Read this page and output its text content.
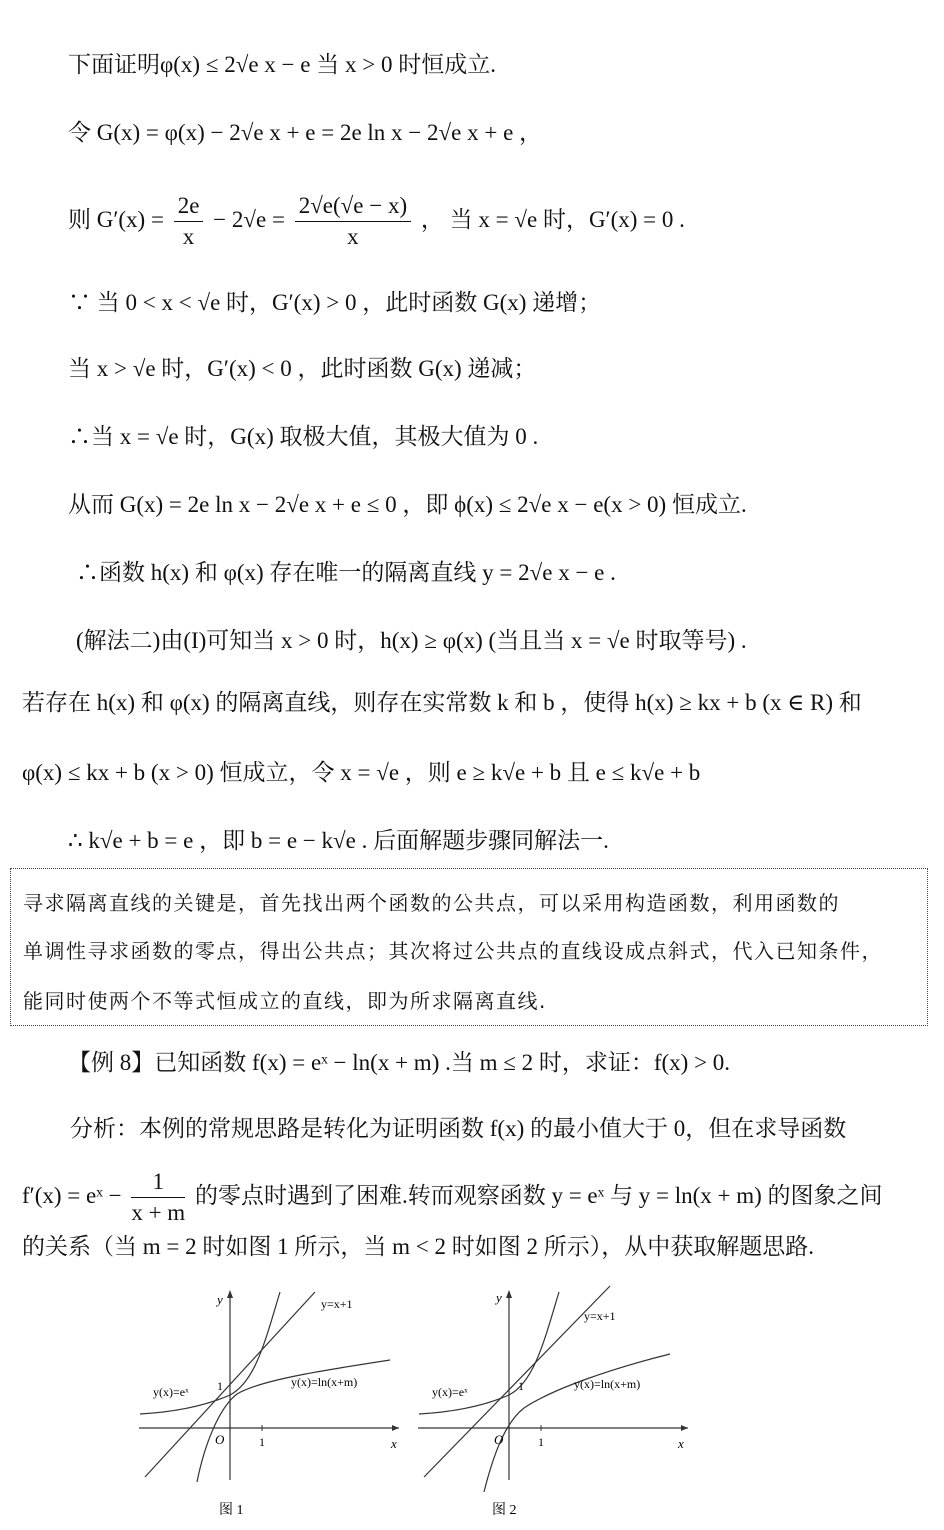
下面证明φ(x) ≤ 2√e x − e 当 x > 0 时恒成立.
令 G(x) = φ(x) − 2√e x + e = 2e ln x − 2√e x + e ，
则 $G'(x) = \frac{2e}{x} - 2√e = \frac{2√e(√e - x)}{x}$ ， 当 x = √e 时，G′(x) = 0 .
∵ 当 0 < x < √e 时，G′(x) > 0 ，此时函数 G(x) 递增；
当 x > √e 时，G′(x) < 0 ，此时函数 G(x) 递减；
∴当 x = √e 时，G(x) 取极大值，其极大值为 0 .
从而 G(x) = 2e ln x − 2√e x + e ≤ 0 ，即 ϕ(x) ≤ 2√e x − e(x > 0) 恒成立.
∴函数 h(x) 和 φ(x) 存在唯一的隔离直线 y = 2√e x − e .
(解法二)由(I)可知当 x > 0 时，h(x) ≥ φ(x) (当且当 x = √e 时取等号) .
若存在 h(x) 和 φ(x) 的隔离直线，则存在实常数 k 和 b ，使得 h(x) ≥ kx + b (x ∈ R) 和
φ(x) ≤ kx + b (x > 0) 恒成立，令 x = √e ，则 e ≥ k√e + b 且 e ≤ k√e + b
∴ k√e + b = e ，即 b = e − k√e . 后面解题步骤同解法一.
寻求隔离直线的关键是，首先找出两个函数的公共点，可以采用构造函数，利用函数的
单调性寻求函数的零点，得出公共点；其次将过公共点的直线设成点斜式，代入已知条件，
能同时使两个不等式恒成立的直线，即为所求隔离直线.
【例 8】已知函数 f(x) = eˣ − ln(x + m) .当 m ≤ 2 时，求证：f(x) > 0.
分析：本例的常规思路是转化为证明函数 f(x) 的最小值大于 0，但在求导函数
f′(x) = eˣ − $\frac{1}{x + m}$ 的零点时遇到了困难.转而观察函数 y = eˣ 与 y = ln(x + m) 的图象之间
的关系（当 m = 2 时如图 1 所示，当 m < 2 时如图 2 所示），从中获取解题思路.
y
x
O	1
1
y=x+1
y(x)=eˣ
y(x)=ln(x+m)
图 1
y
x
O	1
1
y=x+1
y(x)=eˣ
y(x)=ln(x+m)
图 2
